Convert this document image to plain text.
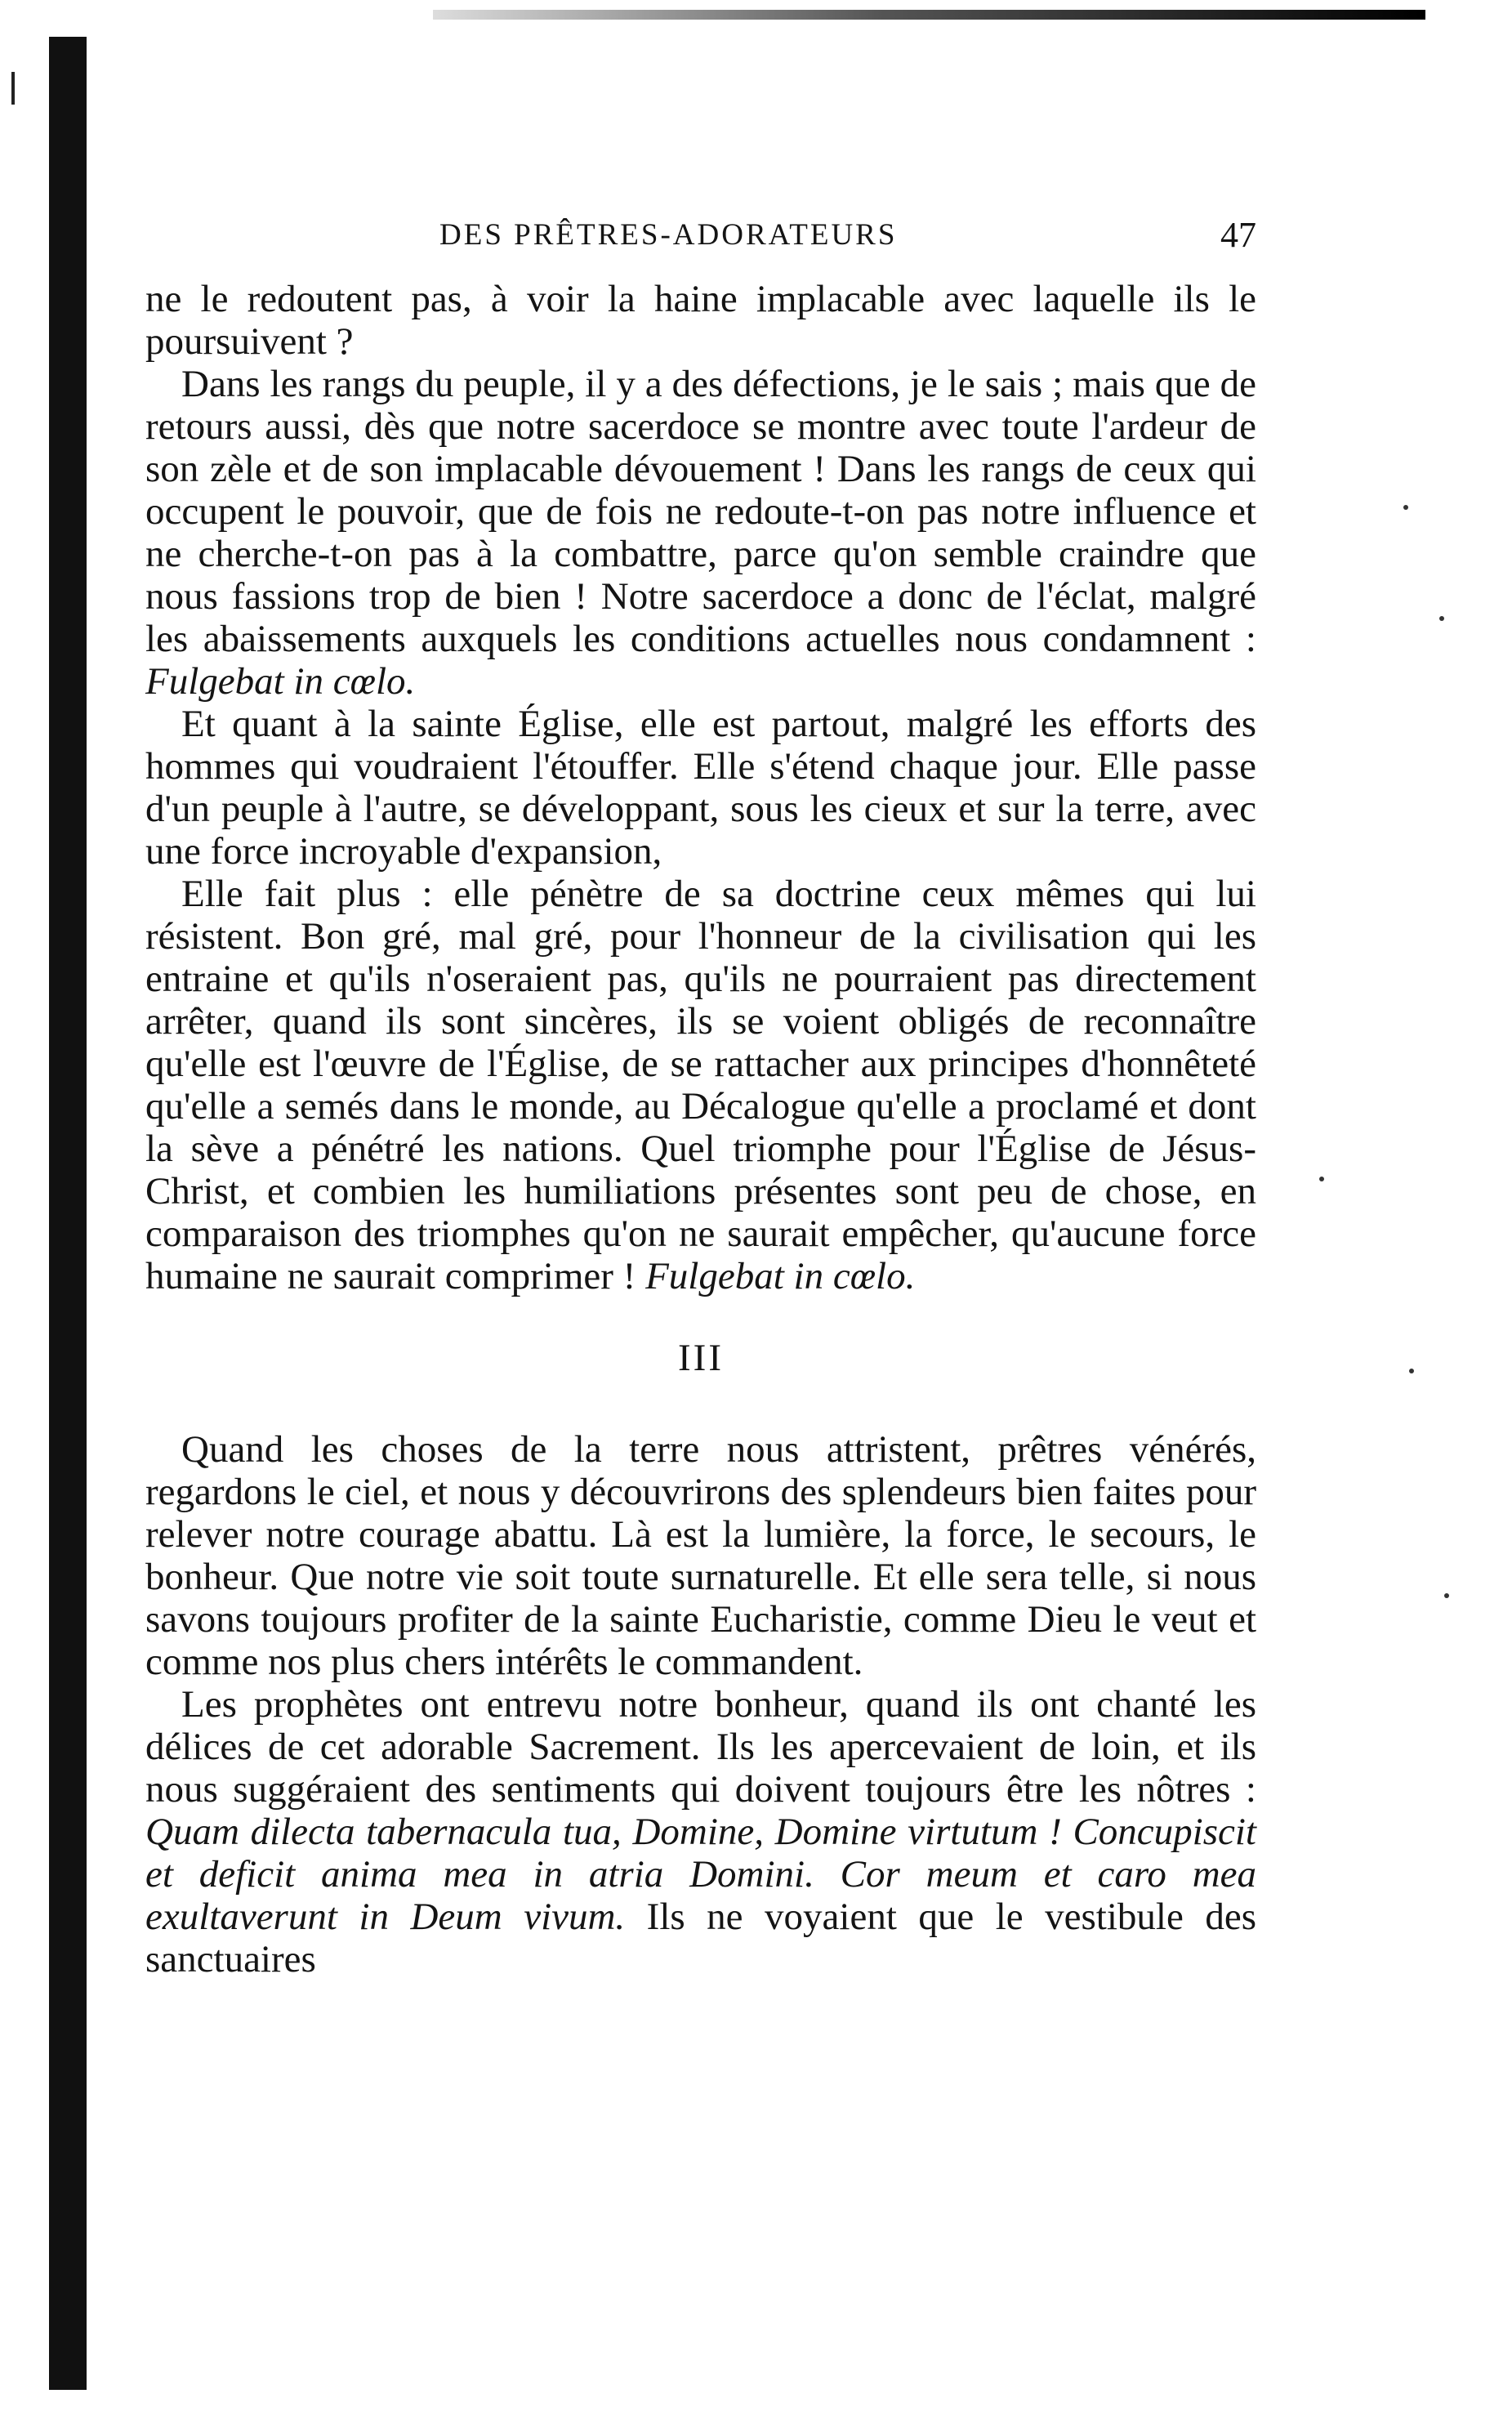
DES PRÊTRES-ADORATEURS	47

ne le redoutent pas, à voir la haine implacable avec laquelle ils le poursuivent ?

Dans les rangs du peuple, il y a des défections, je le sais ; mais que de retours aussi, dès que notre sacerdoce se montre avec toute l'ardeur de son zèle et de son implacable dévouement ! Dans les rangs de ceux qui occupent le pouvoir, que de fois ne redoute-t-on pas notre influence et ne cherche-t-on pas à la combattre, parce qu'on semble craindre que nous fassions trop de bien ! Notre sacerdoce a donc de l'éclat, malgré les abaissements auxquels les conditions actuelles nous condamnent : Fulgebat in cœlo.

Et quant à la sainte Église, elle est partout, malgré les efforts des hommes qui voudraient l'étouffer. Elle s'étend chaque jour. Elle passe d'un peuple à l'autre, se développant, sous les cieux et sur la terre, avec une force incroyable d'expansion,

Elle fait plus : elle pénètre de sa doctrine ceux mêmes qui lui résistent. Bon gré, mal gré, pour l'honneur de la civilisation qui les entraine et qu'ils n'oseraient pas, qu'ils ne pourraient pas directement arrêter, quand ils sont sincères, ils se voient obligés de reconnaître qu'elle est l'œuvre de l'Église, de se rattacher aux principes d'honnêteté qu'elle a semés dans le monde, au Décalogue qu'elle a proclamé et dont la sève a pénétré les nations. Quel triomphe pour l'Église de Jésus-Christ, et combien les humiliations présentes sont peu de chose, en comparaison des triomphes qu'on ne saurait empêcher, qu'aucune force humaine ne saurait comprimer ! Fulgebat in cœlo.

III

Quand les choses de la terre nous attristent, prêtres vénérés, regardons le ciel, et nous y découvrirons des splendeurs bien faites pour relever notre courage abattu. Là est la lumière, la force, le secours, le bonheur. Que notre vie soit toute surnaturelle. Et elle sera telle, si nous savons toujours profiter de la sainte Eucharistie, comme Dieu le veut et comme nos plus chers intérêts le commandent.

Les prophètes ont entrevu notre bonheur, quand ils ont chanté les délices de cet adorable Sacrement. Ils les apercevaient de loin, et ils nous suggéraient des sentiments qui doivent toujours être les nôtres : Quam dilecta tabernacula tua, Domine, Domine virtutum ! Concupiscit et deficit anima mea in atria Domini. Cor meum et caro mea exultaverunt in Deum vivum. Ils ne voyaient que le vestibule des sanctuaires
